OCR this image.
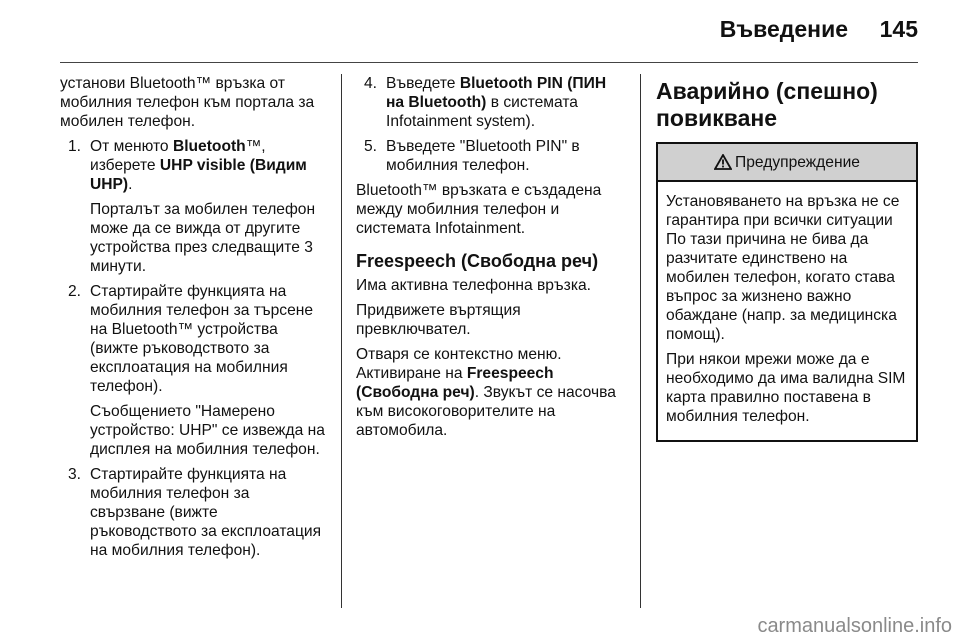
Въведение 145

установи Bluetooth™ връзка от мобилния телефон към портала за мобилен телефон.

1. От менюто Bluetooth™, изберете UHP visible (Видим UHP).

Порталът за мобилен телефон може да се вижда от другите устройства през следващите 3 минути.

2. Стартирайте функцията на мобилния телефон за търсене на Bluetooth™ устройства (вижте ръководството за експлоатация на мобилния телефон).

Съобщението "Намерено устройство: UHP" се извежда на дисплея на мобилния телефон.

3. Стартирайте функцията на мобилния телефон за свързване (вижте ръководството за експлоатация на мобилния телефон).

4. Въведете Bluetooth PIN (ПИН на Bluetooth) в системата Infotainment system).

5. Въведете "Bluetooth PIN" в мобилния телефон.

Bluetooth™ връзката е създадена между мобилния телефон и системата Infotainment.

Freespeech (Свободна реч)

Има активна телефонна връзка.

Придвижете въртящия превключвател.

Отваря се контекстно меню.
Активиране на Freespeech (Свободна реч). Звукът се насочва към високоговорителите на автомобила.

Аварийно (спешно) повикване
Предупреждение

Установяването на връзка не се гарантира при всички ситуации По тази причина не бива да разчитате единствено на мобилен телефон, когато става въпрос за жизнено важно обаждане (напр. за медицинска помощ).

При някои мрежи може да е необходимо да има валидна SIM карта правилно поставена в мобилния телефон.

carmanualsonline.info
